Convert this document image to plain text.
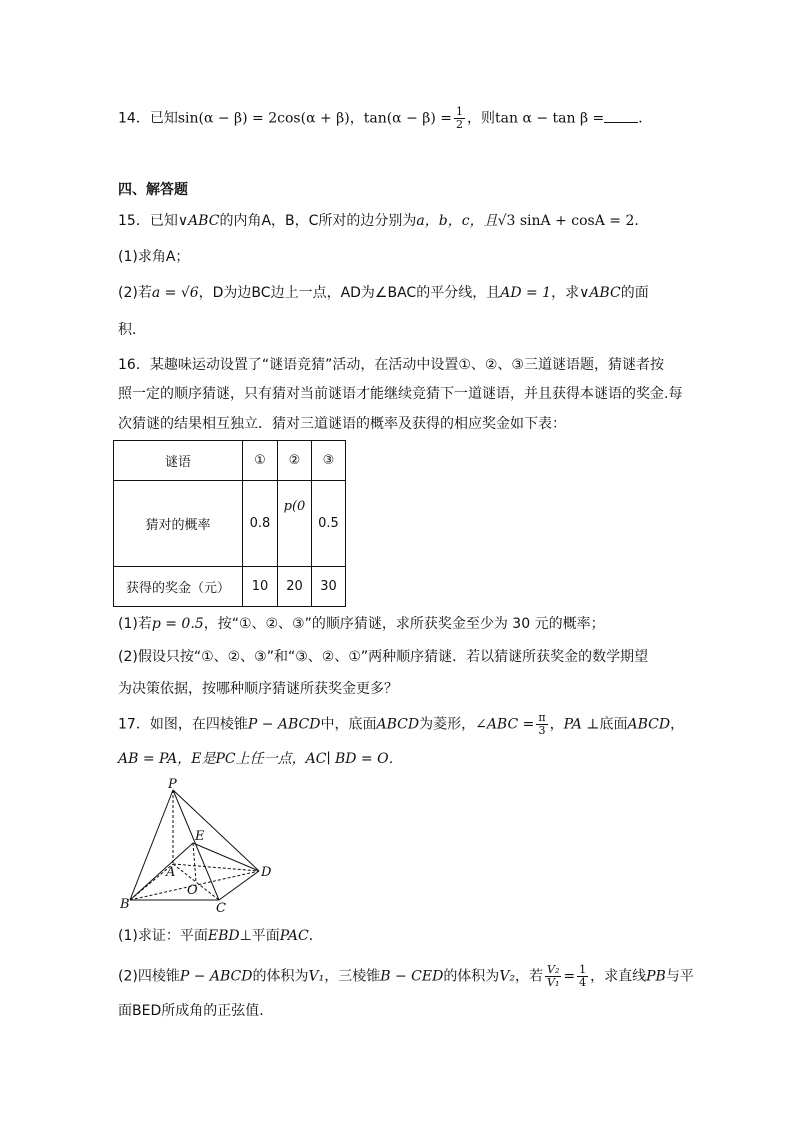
14．已知sin(α − β) = 2cos(α + β)，$\tan(\alpha - \beta) = \frac{1}{2}$ ，则tan α − tan β = ．
四、解答题
15．已知∨ABC的内角A，B，C所对的边分别为a，b，c，且√3 sinA + cosA = 2．
(1)求角A；
(2)若a = √6，D为边BC边上一点，AD为∠BAC的平分线，且AD = 1，求∨ABC的面
积．
16．某趣味运动设置了“谜语竞猜”活动，在活动中设置①、②、③三道谜语题，猜谜者按
照一定的顺序猜谜，只有猜对当前谜语才能继续竞猜下一道谜语，并且获得本谜语的奖金.每
次猜谜的结果相互独立．猜对三道谜语的概率及获得的相应奖金如下表：
谜语	①	②	③
猜对的概率	0.8	p(0	0.5
获得的奖金（元）	10	20	30
(1)若p = 0.5，按“①、②、③”的顺序猜谜，求所获奖金至少为 30 元的概率；
(2)假设只按“①、②、③”和“③、②、①”两种顺序猜谜．若以猜谜所获奖金的数学期望
为决策依据，按哪种顺序猜谜所获奖金更多？
17．如图，在四棱锥P − ABCD中，底面ABCD为菱形，∠ABC = $\frac{\pi}{3}$ ，PA ⊥底面ABCD，
AB = PA，E是PC上任一点，AC∣ BD = O．
P
E
A	D
O
B	C
(1)求证：平面EBD⊥平面PAC．
(2)四棱锥P − ABCD的体积为V₁，三棱锥B − CED的体积为V₂，若 $\frac{\text{V₂}}{\text{V₁}} = \frac{1}{4}$ ，求直线PB与平
面BED所成角的正弦值.
